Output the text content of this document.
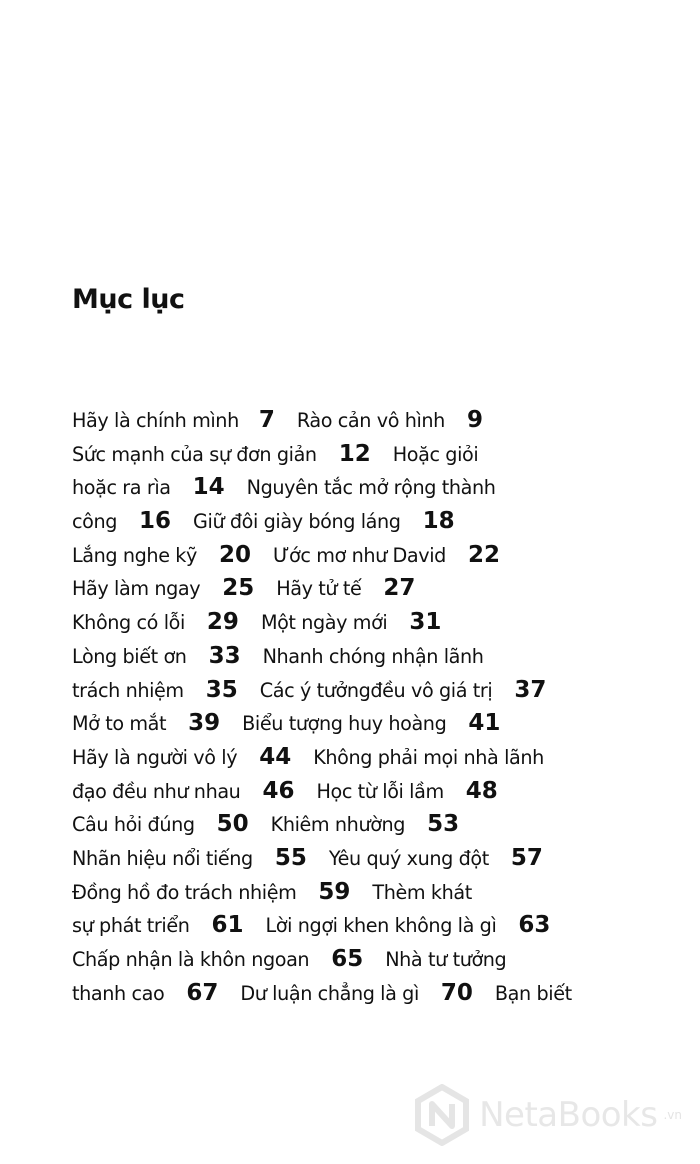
Mục lục
Hãy là chính mình 7 Rào cản vô hình 9
Sức mạnh của sự đơn giản 12 Hoặc giỏi
hoặc ra rìa 14 Nguyên tắc mở rộng thành
công 16 Giữ đôi giày bóng láng 18
Lắng nghe kỹ 20 Ước mơ như David 22
Hãy làm ngay 25 Hãy tử tế 27
Không có lỗi 29 Một ngày mới 31
Lòng biết ơn 33 Nhanh chóng nhận lãnh
trách nhiệm 35 Các ý tưởngđều vô giá trị 37
Mở to mắt 39 Biểu tượng huy hoàng 41
Hãy là người vô lý 44 Không phải mọi nhà lãnh
đạo đều như nhau 46 Học từ lỗi lầm 48
Câu hỏi đúng 50 Khiêm nhường 53
Nhãn hiệu nổi tiếng 55 Yêu quý xung đột 57
Đồng hồ đo trách nhiệm 59 Thèm khát
sự phát triển 61 Lời ngợi khen không là gì 63
Chấp nhận là khôn ngoan 65 Nhà tư tưởng
thanh cao 67 Dư luận chẳng là gì 70 Bạn biết
NetaBooks .vn
